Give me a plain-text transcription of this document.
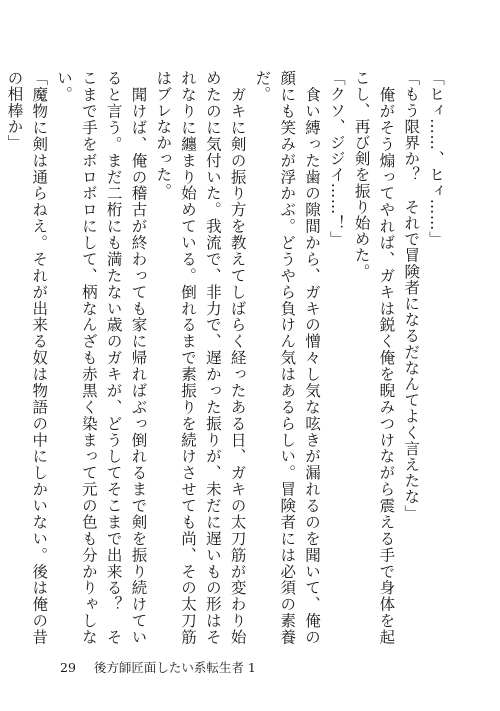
「ヒィ……、ヒィ……」

「もう限界か？　それで冒険者になるだなんてよく言えたな」

　俺がそう煽ってやれば、ガキは鋭く俺を睨みつけながら震える手で身体を起こし、再び剣を振り始めた。

「クソ、ジジイ……！」

　食い縛った歯の隙間から、ガキの憎々し気な呟きが漏れるのを聞いて、俺の顔にも笑みが浮かぶ。どうやら負けん気はあるらしい。冒険者には必須の素養だ。

　ガキに剣の振り方を教えてしばらく経ったある日、ガキの太刀筋が変わり始めたのに気付いた。我流で、非力で、遅かった振りが、未だに遅いもの形はそれなりに纏まり始めている。倒れるまで素振りを続けさせても尚、その太刀筋はブレなかった。

　聞けば、俺の稽古が終わっても家に帰ればぶっ倒れるまで剣を振り続けていると言う。まだ二桁にも満たない歳のガキが、どうしてそこまで出来る？　そこまで手をボロボロにして、柄なんざも赤黒く染まって元の色も分かりゃしない。

「魔物に剣は通らねえ。それが出来る奴は物語の中にしかいない。後は俺の昔の相棒か」

29 後方師匠面したい系転生者 1
